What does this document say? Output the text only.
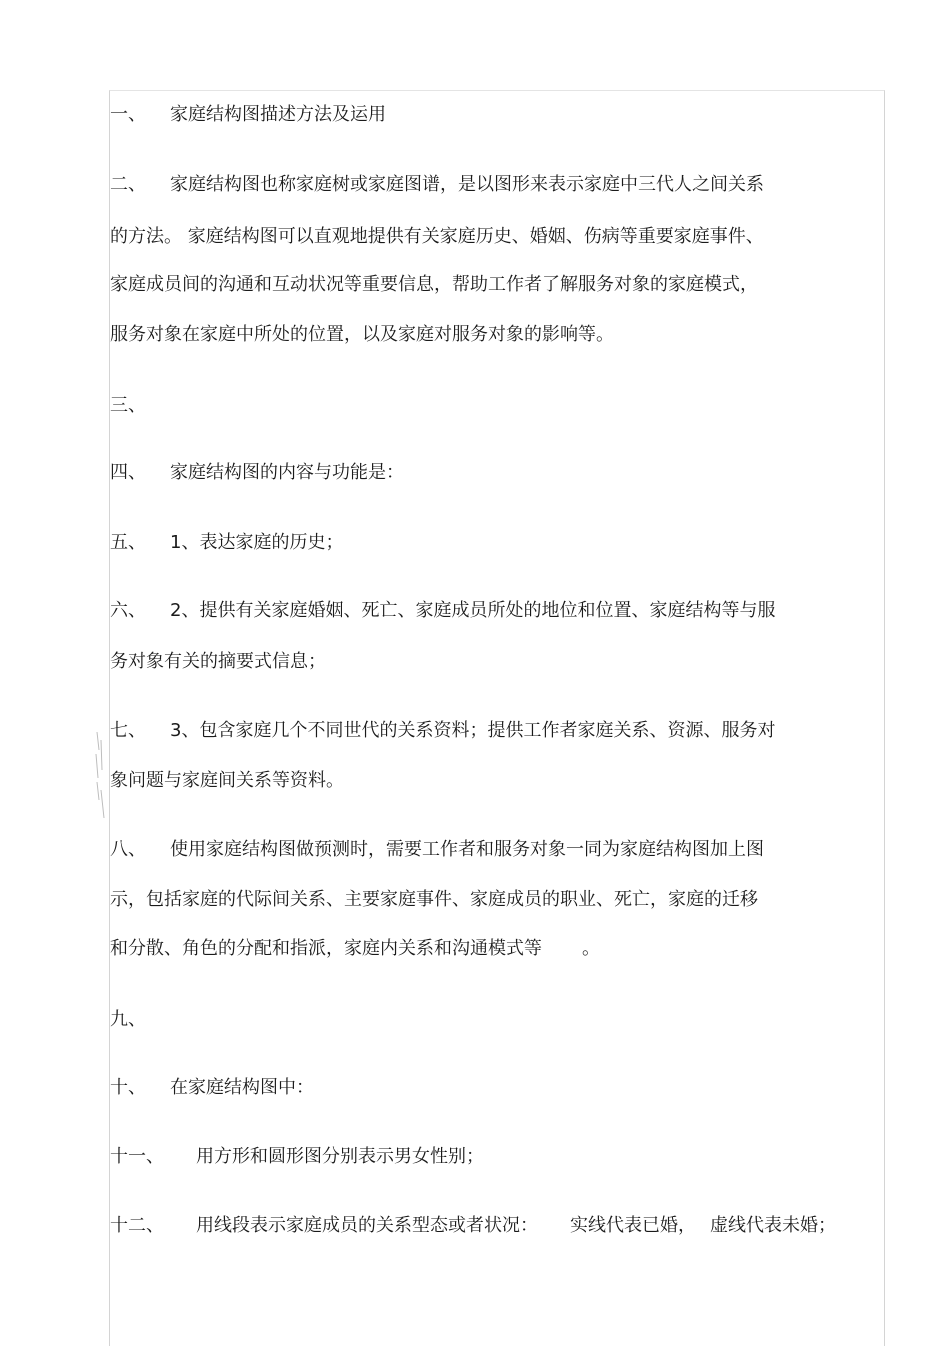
一、 家庭结构图描述方法及运用
二、 家庭结构图也称家庭树或家庭图谱，是以图形来表示家庭中三代人之间关系
的方法。 家庭结构图可以直观地提供有关家庭历史、婚姻、伤病等重要家庭事件、
家庭成员间的沟通和互动状况等重要信息，帮助工作者了解服务对象的家庭模式，
服务对象在家庭中所处的位置，以及家庭对服务对象的影响等。
三、
四、 家庭结构图的内容与功能是：
五、 1、表达家庭的历史；
六、 2、提供有关家庭婚姻、死亡、家庭成员所处的地位和位置、家庭结构等与服
务对象有关的摘要式信息；
七、 3、包含家庭几个不同世代的关系资料；提供工作者家庭关系、资源、服务对
象问题与家庭间关系等资料。
八、 使用家庭结构图做预测时，需要工作者和服务对象一同为家庭结构图加上图
示，包括家庭的代际间关系、主要家庭事件、家庭成员的职业、死亡，家庭的迁移
和分散、角色的分配和指派，家庭内关系和沟通模式等 。
九、
十、 在家庭结构图中：
十一、 用方形和圆形图分别表示男女性别；
十二、 用线段表示家庭成员的关系型态或者状况： 实线代表已婚， 虚线代表未婚；
